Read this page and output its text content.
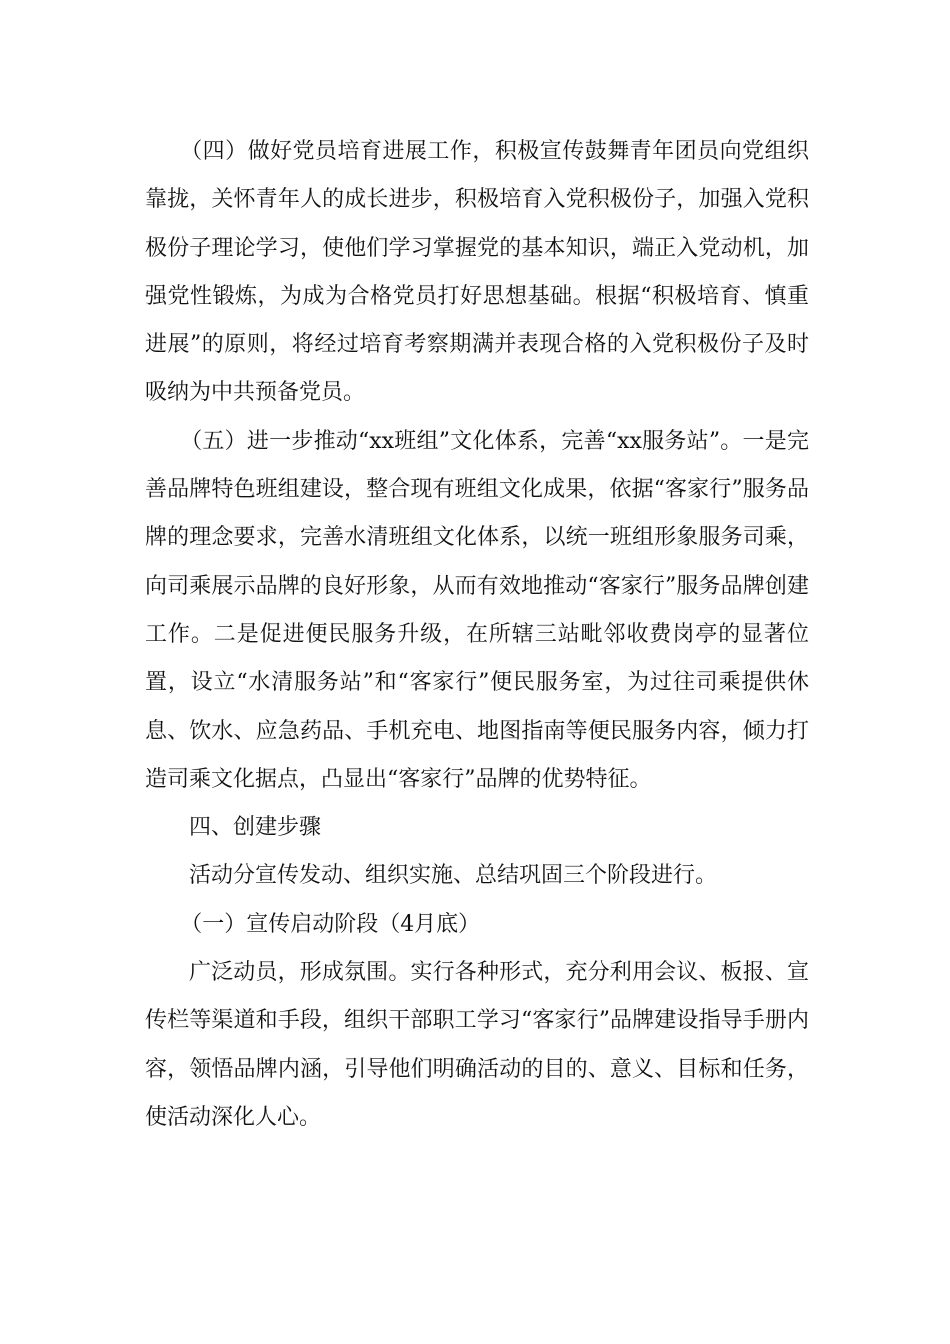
（四）做好党员培育进展工作，积极宣传鼓舞青年团员向党组织靠拢，关怀青年人的成长进步，积极培育入党积极份子，加强入党积极份子理论学习，使他们学习掌握党的基本知识，端正入党动机，加强党性锻炼，为成为合格党员打好思想基础。根据“积极培育、慎重进展”的原则，将经过培育考察期满并表现合格的入党积极份子及时吸纳为中共预备党员。

（五）进一步推动“xx班组”文化体系，完善“xx服务站”。一是完善品牌特色班组建设，整合现有班组文化成果，依据“客家行”服务品牌的理念要求，完善水清班组文化体系，以统一班组形象服务司乘，向司乘展示品牌的良好形象，从而有效地推动“客家行”服务品牌创建工作。二是促进便民服务升级，在所辖三站毗邻收费岗亭的显著位置，设立“水清服务站”和“客家行”便民服务室，为过往司乘提供休息、饮水、应急药品、手机充电、地图指南等便民服务内容，倾力打造司乘文化据点，凸显出“客家行”品牌的优势特征。

四、创建步骤

活动分宣传发动、组织实施、总结巩固三个阶段进行。

（一）宣传启动阶段（4月底）

广泛动员，形成氛围。实行各种形式，充分利用会议、板报、宣传栏等渠道和手段，组织干部职工学习“客家行”品牌建设指导手册内容，领悟品牌内涵，引导他们明确活动的目的、意义、目标和任务，使活动深化人心。
